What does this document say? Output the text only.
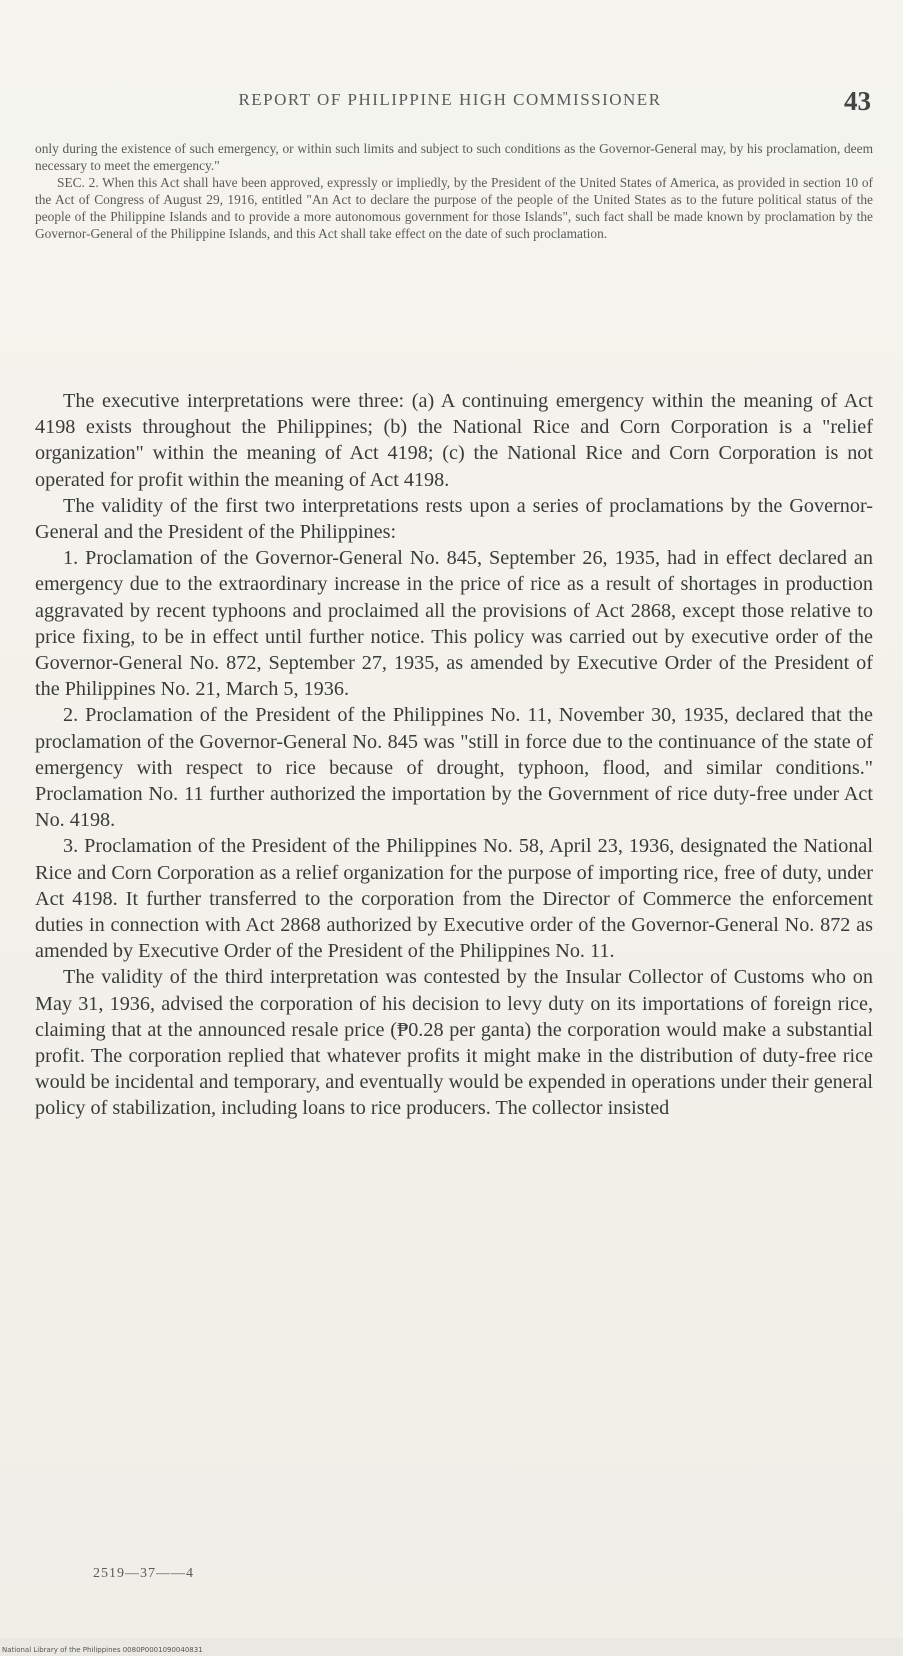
REPORT OF PHILIPPINE HIGH COMMISSIONER	43

only during the existence of such emergency, or within such limits and subject to such conditions as the Governor-General may, by his proclamation, deem necessary to meet the emergency."

SEC. 2. When this Act shall have been approved, expressly or impliedly, by the President of the United States of America, as provided in section 10 of the Act of Congress of August 29, 1916, entitled "An Act to declare the purpose of the people of the United States as to the future political status of the people of the Philippine Islands and to provide a more autonomous government for those Islands", such fact shall be made known by proclamation by the Governor-General of the Philippine Islands, and this Act shall take effect on the date of such proclamation.

The executive interpretations were three: (a) A continuing emergency within the meaning of Act 4198 exists throughout the Philippines; (b) the National Rice and Corn Corporation is a "relief organization" within the meaning of Act 4198; (c) the National Rice and Corn Corporation is not operated for profit within the meaning of Act 4198.

The validity of the first two interpretations rests upon a series of proclamations by the Governor-General and the President of the Philippines:

1. Proclamation of the Governor-General No. 845, September 26, 1935, had in effect declared an emergency due to the extraordinary increase in the price of rice as a result of shortages in production aggravated by recent typhoons and proclaimed all the provisions of Act 2868, except those relative to price fixing, to be in effect until further notice. This policy was carried out by executive order of the Governor-General No. 872, September 27, 1935, as amended by Executive Order of the President of the Philippines No. 21, March 5, 1936.

2. Proclamation of the President of the Philippines No. 11, November 30, 1935, declared that the proclamation of the Governor-General No. 845 was "still in force due to the continuance of the state of emergency with respect to rice because of drought, typhoon, flood, and similar conditions." Proclamation No. 11 further authorized the importation by the Government of rice duty-free under Act No. 4198.

3. Proclamation of the President of the Philippines No. 58, April 23, 1936, designated the National Rice and Corn Corporation as a relief organization for the purpose of importing rice, free of duty, under Act 4198. It further transferred to the corporation from the Director of Commerce the enforcement duties in connection with Act 2868 authorized by Executive order of the Governor-General No. 872 as amended by Executive Order of the President of the Philippines No. 11.

The validity of the third interpretation was contested by the Insular Collector of Customs who on May 31, 1936, advised the corporation of his decision to levy duty on its importations of foreign rice, claiming that at the announced resale price (₱0.28 per ganta) the corporation would make a substantial profit. The corporation replied that whatever profits it might make in the distribution of duty-free rice would be incidental and temporary, and eventually would be expended in operations under their general policy of stabilization, including loans to rice producers. The collector insisted

2519—37——4
National Library of the Philippines 0080P0001090040831
